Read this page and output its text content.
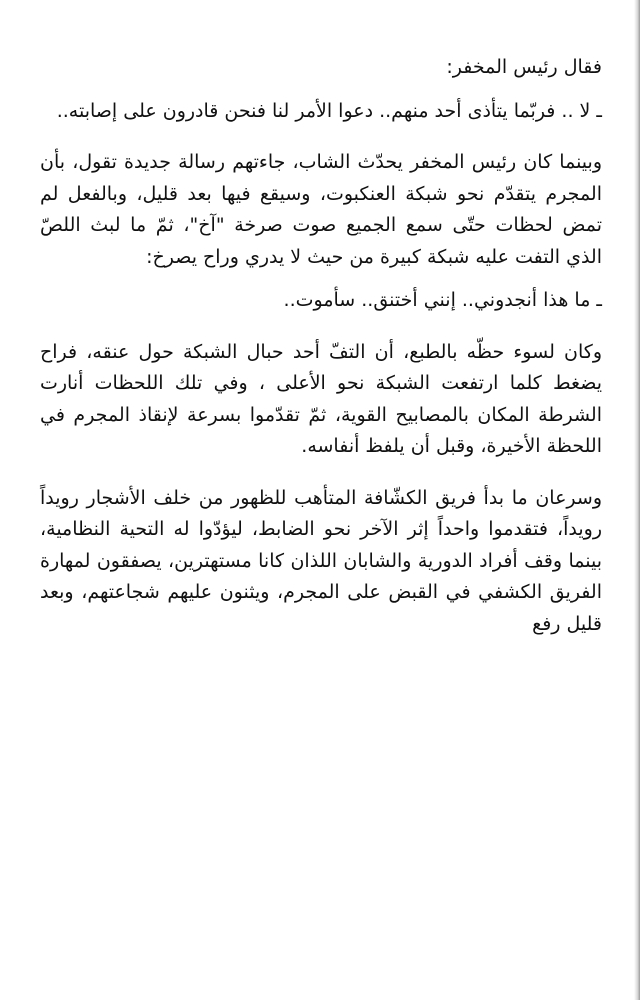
فقال رئيس المخفر:

ـ لا .. فربّما يتأذى أحد منهم.. دعوا الأمر لنا فنحن قادرون على إصابته..

وبينما كان رئيس المخفر يحدّث الشاب، جاءتهم رسالة جديدة تقول، بأن المجرم يتقدّم نحو شبكة العنكبوت، وسيقع فيها بعد قليل، وبالفعل لم تمض لحظات حتّى سمع الجميع صوت صرخة "آخ"، ثمّ ما لبث اللصّ الذي التفت عليه شبكة كبيرة من حيث لا يدري وراح يصرخ:

ـ ما هذا أنجدوني.. إنني أختنق.. سأموت..

وكان لسوء حظّه بالطبع، أن التفّ أحد حبال الشبكة حول عنقه، فراح يضغط كلما ارتفعت الشبكة نحو الأعلى ، وفي تلك اللحظات أنارت الشرطة المكان بالمصابيح القوية، ثمّ تقدّموا بسرعة لإنقاذ المجرم في اللحظة الأخيرة، وقبل أن يلفظ أنفاسه.

وسرعان ما بدأ فريق الكشّافة المتأهب للظهور من خلف الأشجار رويداً رويداً، فتقدموا واحداً إثر الآخر نحو الضابط، ليؤدّوا له التحية النظامية، بينما وقف أفراد الدورية والشابان اللذان كانا مستهترين، يصفقون لمهارة الفريق الكشفي في القبض على المجرم، ويثنون عليهم شجاعتهم، وبعد قليل رفع
